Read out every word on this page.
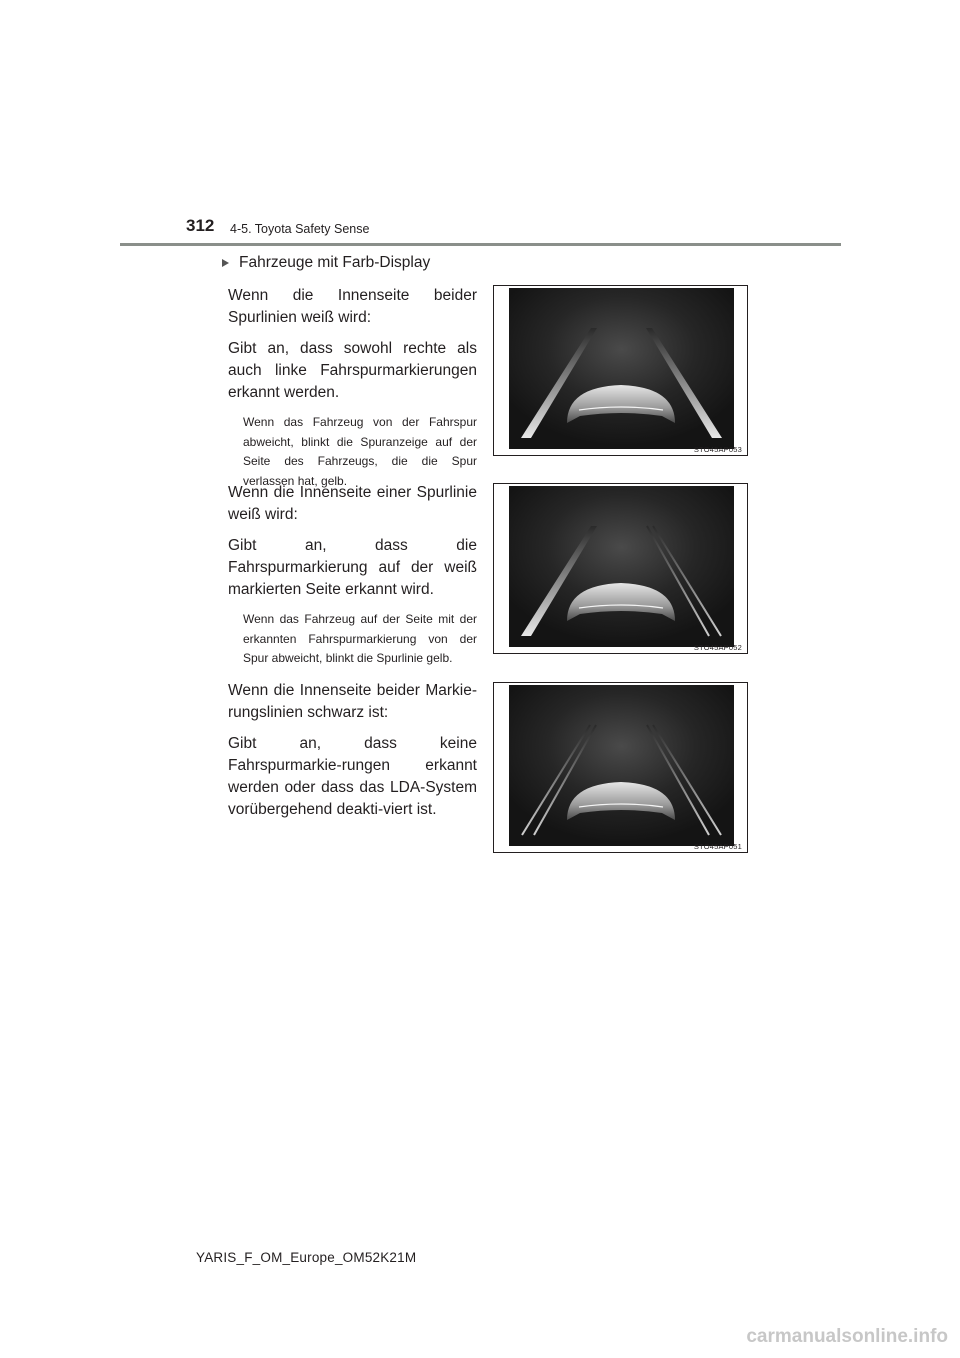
312 4-5. Toyota Safety Sense
Fahrzeuge mit Farb-Display

Wenn die Innenseite beider Spurlinien weiß wird:

Gibt an, dass sowohl rechte als auch linke Fahrspurmarkierungen erkannt werden.

Wenn das Fahrzeug von der Fahrspur abweicht, blinkt die Spuranzeige auf der Seite des Fahrzeugs, die die Spur verlassen hat, gelb.

Wenn die Innenseite einer Spurlinie weiß wird:

Gibt an, dass die Fahrspurmarkierung auf der weiß markierten Seite erkannt wird.

Wenn das Fahrzeug auf der Seite mit der erkannten Fahrspurmarkierung von der Spur abweicht, blinkt die Spurlinie gelb.

Wenn die Innenseite beider Markie-rungslinien schwarz ist:

Gibt an, dass keine Fahrspurmarkie-rungen erkannt werden oder dass das LDA-System vorübergehend deakti-viert ist.

STO45AP053
STO45AP052
STO45AP051
YARIS_F_OM_Europe_OM52K21M
carmanualsonline.info
